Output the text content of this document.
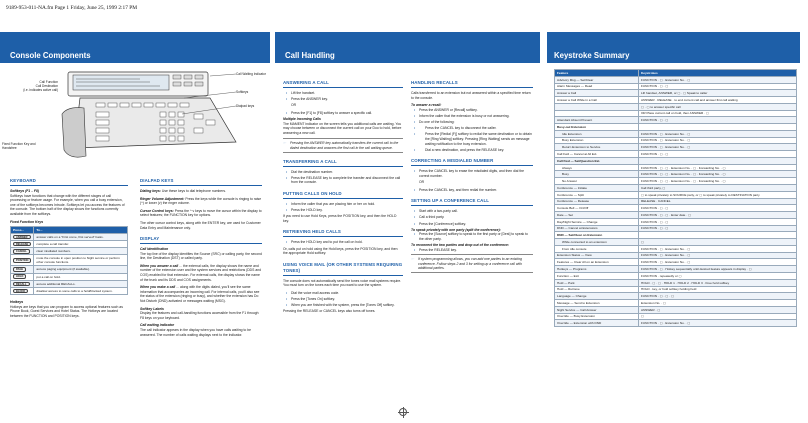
9189-953-011-NA.fm Page 1 Friday, June 25, 1999 2:17 PM
Console Components
Call Function
Call Destination
(i.e. indicates active call)
Call Waiting Indicator
Softkeys
Dialpad keys
Fixed Function Key and Handsfree
KEYBOARD
Softkeys (F1 – F8)
Softkeys have functions that change with the different stages of call processing or feature usage. For example, when you call a busy extension, one of the softkeys becomes Intrude. Softkeys let you access the features of the console. The bottom half of the display shows the functions currently available from the softkeys.
Fixed Function Keys
Press...	To...
ANSWER	answer calls on a "First come, first served" basis.
RELEASE	complete a call transfer.
CANCEL	clear misdialed numbers.
POSITION	mute the console in open position to Night service or perform other console functions.
PAGE	access paging equipment (if available).
HOLD	put a call on hold.
RECALL	access additional RECALLs.
BLOCK	disallow access to some calls to a hold/blocked system.
Hotkeys
Hotkeys are keys that you can program to access optional features such as Phone Book, Guest Services and Hotel Status. The Hotkeys are located between the FUNCTION and POSITION keys.
DIALPAD KEYS
Dialing keys: Use these keys to dial telephone numbers.
Ringer Volume Adjustment: Press the keys while the console is ringing to raise (^) or lower (v) the ringer volume.
Cursor Control keys: Press the ^ v keys to move the cursor within the display to select features; the FUNCTION key for options.
The other cursor control keys, along with the ENTER key, are used for Customer Data Entry and Maintenance only.
DISPLAY
Call Identification
The top line of the display identifies the Source (SRC) or calling party, the second line, the Destination (DST) or called party.
When you answer a call ... the external calls, the display shows the name and number of the extension user and the system services and restrictions (DDS and COS) enabled for that extension. For external calls, the display shows the name of the trunk and its DDS and COS assignments.
When you make a call ... along with the digits dialed, you'll see the same information that accompanies an incoming call. For internal calls, you'll also see the status of the extension (ringing or busy), and whether the extension has Do Not Disturb (DND) activated or messages waiting (MSG).
Softkey Labels
Display the features and call-handling functions accessible from the F1 through F8 keys on your keyboard.
Call waiting indicator
The call indicator appears in the display when you have calls waiting to be answered. The number of calls waiting displays next to the indicator.
Call Handling
ANSWERING A CALL
• Lift the handset.
• Press the ANSWER key.
OR
• Press the [F1] to [F8] softkey to answer a specific call.
Multiple Incoming Calls
The MAMENT indicator on the screen tells you additional calls are waiting. You may choose between or disconnect the current call on your Doo to hold, before answering a new call.
☞ Pressing the ANSWER key automatically transfers the current call to the dialed destination and answers the first call in the call waiting queue.
TRANSFERRING A CALL
• Dial the destination number.
• Press the RELEASE key to complete the transfer and disconnect the call from the console.
PUTTING CALLS ON HOLD
• Inform the caller that you are placing him or her on hold.
• Press the HOLD key.
If you need to use Hold Keys, press the POSITION key, and then the HOLD key.
RETRIEVING HELD CALLS
• Press the HOLD key and to put the call on hold.
Or, calls put on hold using the Hold keys, press the POSITION key, and then the appropriate Hold softkey.
USING VOICE MAIL (OR OTHER SYSTEMS REQUIRING TONES)
The console does not automatically send the tones voice mail systems require. You must turn on the tones each time you want to use the system.
• Dial the voice mail access code.
• Press the [Tones On] softkey.
• When you are finished with the system, press the [Tones Off] softkey.
Pressing the RELEASE or CANCEL keys also turns off tones.
HANDLING RECALLS
Calls transferred to an extension but not answered within a specified time return to the console.
To answer a recall:
• Press the ANSWER or [Recall] softkey.
• Inform the caller that the extension is busy or not answering.
• Do one of the following:
• Press the CANCEL key to disconnect the caller.
• Press the [Redial (F)] softkey to redial the same destination or to obtain the [Ring Waiting] softkey. Pressing [Ring Waiting] sends an message waiting notification to the busy extension.
• Dial a new destination, and press the RELEASE key.
CORRECTING A MISDIALED NUMBER
• Press the CANCEL key to erase the misdialed digits, and then dial the correct number.
OR
• Press the CANCEL key, and then redial the number.
SETTING UP A CONFERENCE CALL
• Start with a two-party call.
• Call a third party.
• Press the [Conference] softkey.
To speak privately with one party (split the conference):
• Press the [Source] softkey to speak to the first party or [Dest] to speak to the other party.
To reconnect the two parties and drop out of the conference:
• Press the RELEASE key.
☞ If system programming allows, you can add one parties to an existing conference. Follow steps 2 and 3 for setting up a conference call with additional parties.
Keystroke Summary
Feature	Keystrokes
Advisory Msg — Set/Clear	FUNCTION · ▢ · Extension No. · ▢
Alarm Messages — Read	FUNCTION · ▢ · ▢
Answer a Call	Lift handset, ANSWER, or ▢ · ▢ Speak to caller
Answer a Call While in a Call	ANSWER · RELEASE · to end current call and answer first call waiting
	▢ · ▢ to answer specific call
	OR Place current call on hold, then ANSWER · ▢
Attendant Absent Present	FUNCTION · ▢ · ▢
Busy-out Extension	
Idle Extension	FUNCTION · ▢ · Extension No. · ▢
Busy Extension	FUNCTION · ▢ · Extension No. · ▢
Return Extension to Service	FUNCTION · ▢ · Extension No. · ▢
Call Fwd — Cancel at All Ext.	FUNCTION · ▢ · ▢
Call Fwd — Set/Question Ext.	
Always	FUNCTION · ▢ · ▢ · Extension No. · ▢ · Forwarding No. · ▢
Busy	FUNCTION · ▢ · ▢ · Extension No. · ▢ · Forwarding No. · ▢
No Answer	FUNCTION · ▢ · ▢ · Extension No. · ▢ · Forwarding No. · ▢
Conference — Initiate	Call third party, ▢
Conference — Split	▢ to speak privately to SOURCE party, or ▢ to speak privately to DESTINATION party
Conference — Release	RELEASE · CANCEL
Console Bell — On/Off	FUNCTION · ▢ · ▢
Date — Set	FUNCTION · ▢ · ▢ · Enter date · ▢
Day/Night Service — Change	FUNCTION · ▢ · ▢
DND — Cancel at Extensions	FUNCTION · ▢ · ▢
DND — Set/Clear on Extension	
While connected to an extension	▢
From idle console	FUNCTION · ▢ · Extension No. · ▢
Extension Status — View	FUNCTION · ▢ · Extension No. · ▢
Features — Clear All on an Extension	FUNCTION · ▢ · Extension No. · ▢
Hotkeys — Programs	FUNCTION · ▢ · Hotkey sequentially until desired feature appears in display · ▢
Function — Exit	FUNCTION · repeatedly or ▢
Hold — Park	HOLD · ▢ · ▢ · HOLD 1 · HOLD 2 · HOLD 3 · Free hold softkey
Hold — Retrieve	HOLD · key, or hold softkey holding held
Language — Change	FUNCTION · ▢ · ▢ · ▢
Message — Send to Extension	Extension No. · ▢
Night Service — Call Answer	ANSWER · ▢
Override — Busy Extension	▢
Override — Extension with DND	FUNCTION · ▢ · Extension No. · ▢
